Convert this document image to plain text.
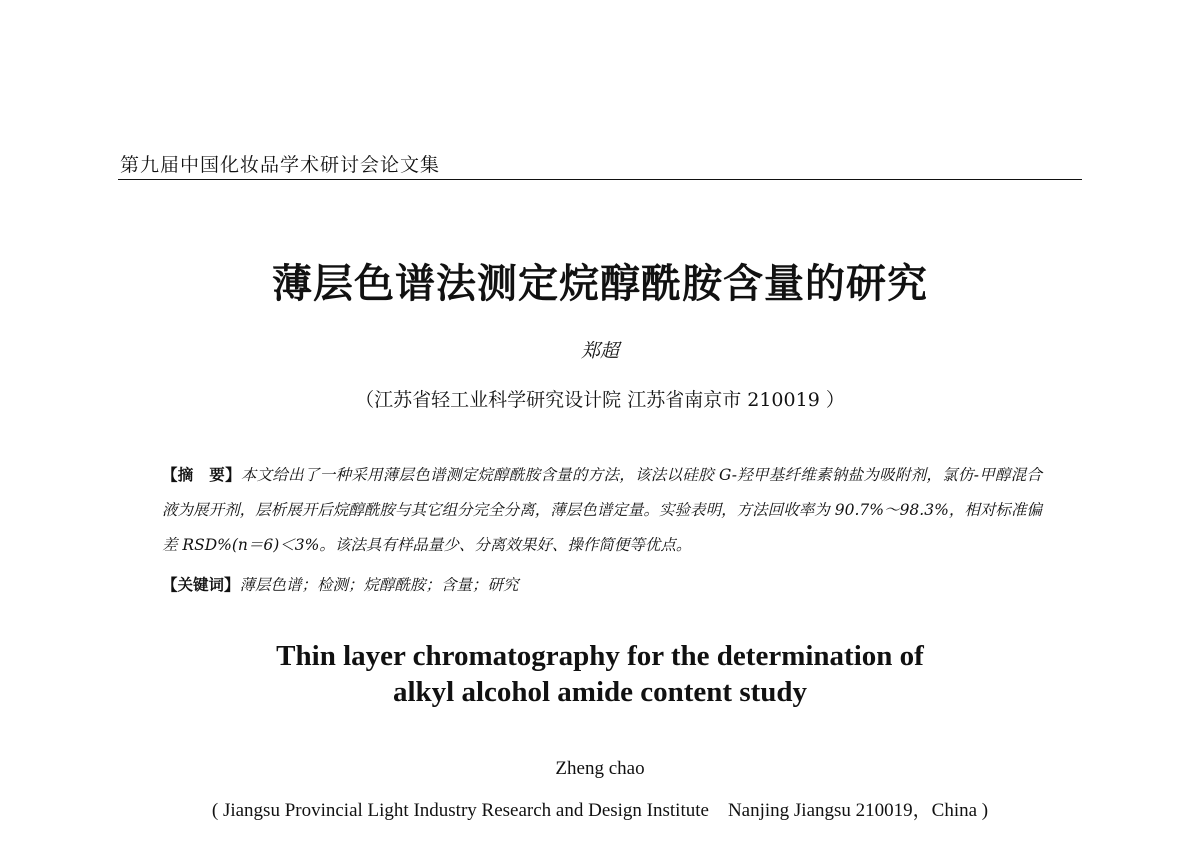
第九届中国化妆品学术研讨会论文集
薄层色谱法测定烷醇酰胺含量的研究
郑超
（江苏省轻工业科学研究设计院 江苏省南京市 210019 ）
【摘　要】本文给出了一种采用薄层色谱测定烷醇酰胺含量的方法，该法以硅胶 G-羟甲基纤维素钠盐为吸附剂，氯仿-甲醇混合液为展开剂，层析展开后烷醇酰胺与其它组分完全分离，薄层色谱定量。实验表明，方法回收率为 90.7%～98.3%，相对标准偏差 RSD%(n＝6)＜3%。该法具有样品量少、分离效果好、操作简便等优点。
【关键词】薄层色谱；检测；烷醇酰胺；含量；研究
Thin layer chromatography for the determination of
alkyl alcohol amide content study
Zheng chao
( Jiangsu Provincial Light Industry Research and Design Institute　Nanjing Jiangsu 210019，China )
